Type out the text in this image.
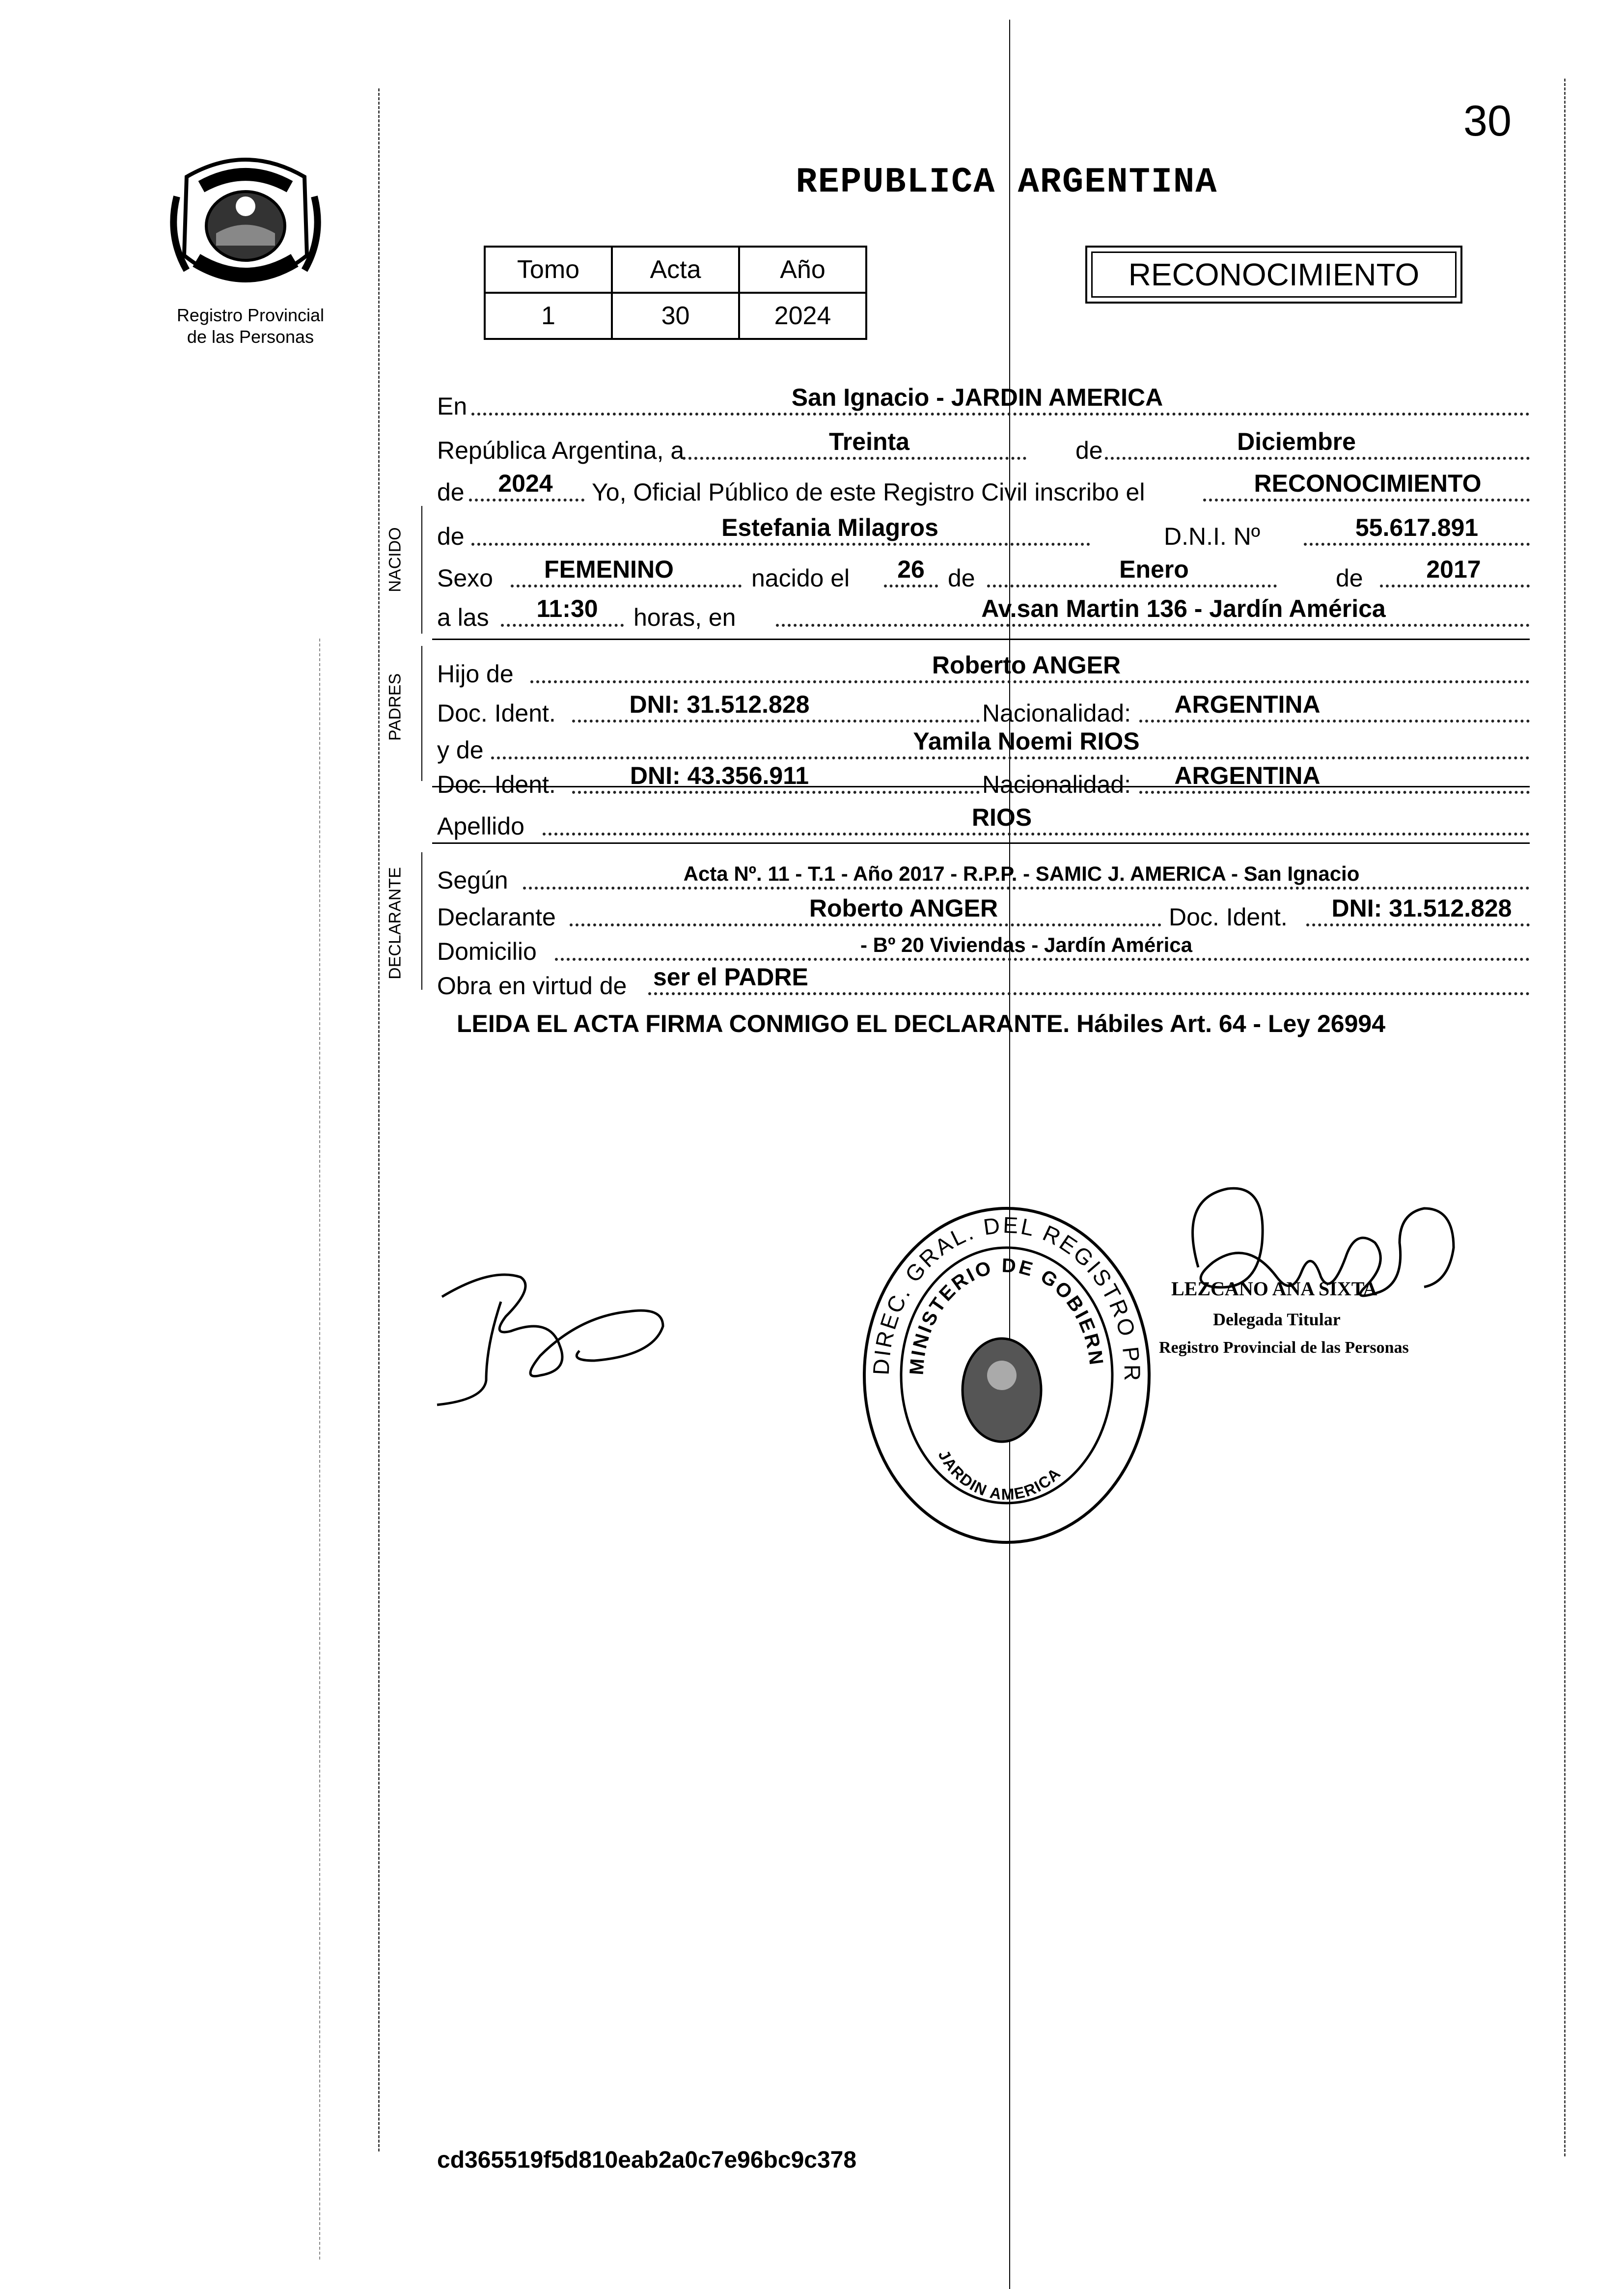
30
Registro Provincial
de las Personas
REPUBLICA ARGENTINA
Tomo	Acta	Año
1	30	2024
RECONOCIMIENTO
En	San Ignacio - JARDIN AMERICA
República Argentina, a	Treinta	de	Diciembre
de	2024	Yo, Oficial Público de este Registro Civil inscribo el	RECONOCIMIENTO
NACIDO de	Estefania Milagros	D.N.I. Nº	55.617.891
Sexo	FEMENINO	nacido el	26 de	Enero	de	2017
a las	11:30	horas, en	Av.san Martin 136 - Jardín América
PADRES Hijo de	Roberto ANGER
Doc. Ident.	DNI: 31.512.828	Nacionalidad:	ARGENTINA
y de	Yamila Noemi RIOS
Doc. Ident.	DNI: 43.356.911	Nacionalidad:	ARGENTINA
Apellido	RIOS
DECLARANTE Según	Acta Nº. 11 - T.1 - Año 2017 - R.P.P. - SAMIC J. AMERICA - San Ignacio
Declarante	Roberto ANGER	Doc. Ident.	DNI: 31.512.828
Domicilio	- Bº 20 Viviendas - Jardín América
Obra en virtud de ser el PADRE
LEIDA EL ACTA FIRMA CONMIGO EL DECLARANTE. Hábiles Art. 64 - Ley 26994
DIREC. GRAL. DEL REGISTRO PR
MINISTERIO DE GOBIERN
JARDIN AMERICA
LEZCANO ANA SIXTA
Delegada Titular
Registro Provincial de las Personas
cd365519f5d810eab2a0c7e96bc9c378
